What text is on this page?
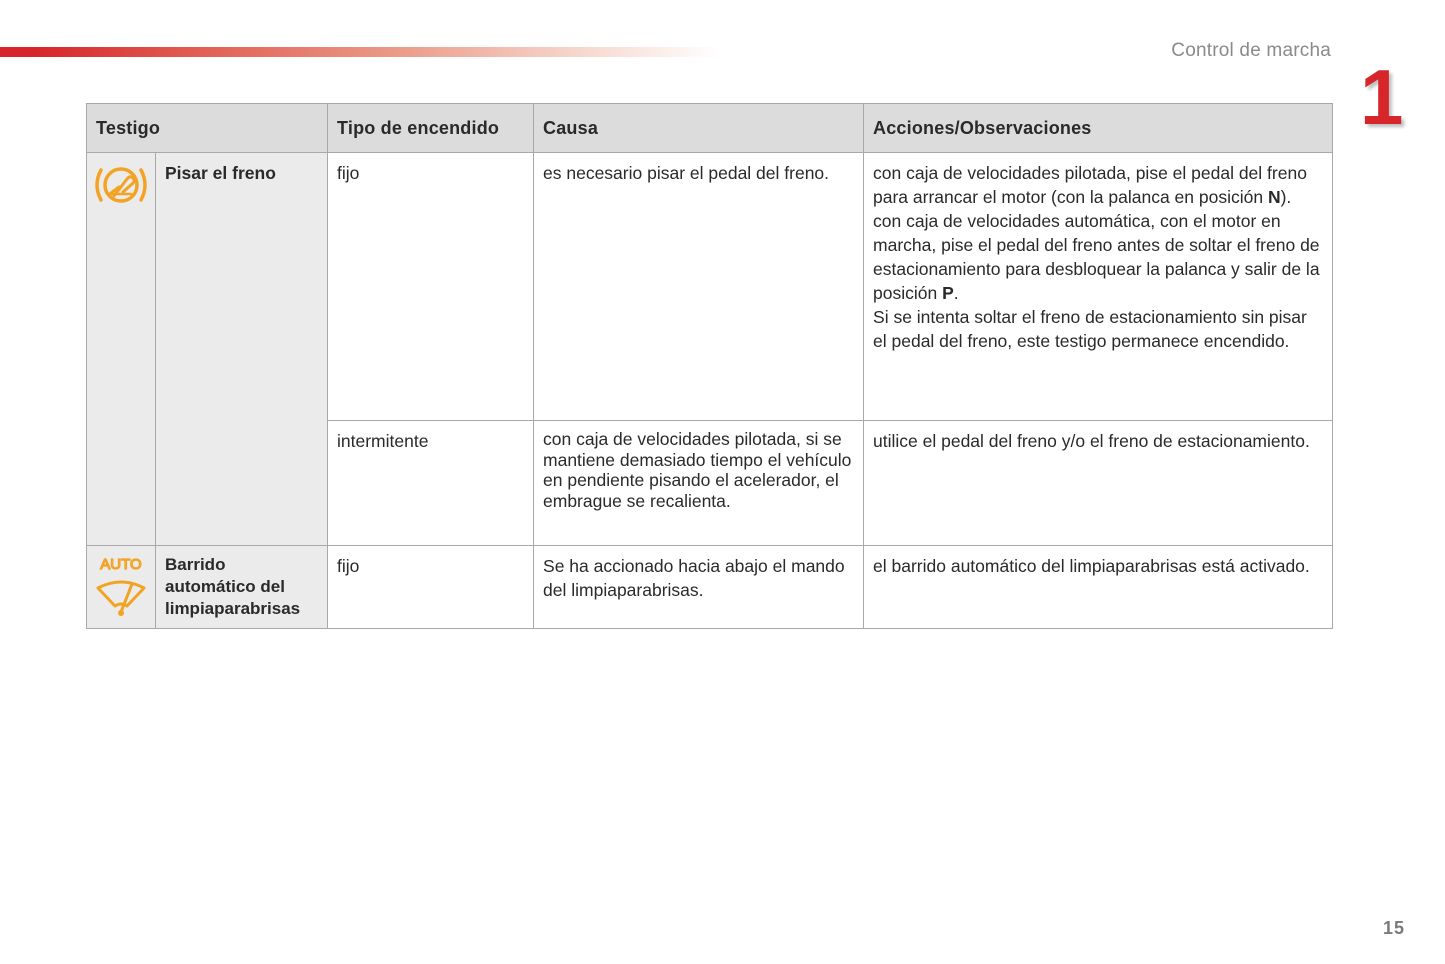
Control de marcha
1
Testigo		Tipo de encendido	Causa	Acciones/Observaciones

	Pisar el freno	fijo	es necesario pisar el pedal del freno.	con caja de velocidades pilotada, pise el pedal del freno para arrancar el motor (con la palanca en posición N).
con caja de velocidades automática, con el motor en marcha, pise el pedal del freno antes de soltar el freno de estacionamiento para desbloquear la palanca y salir de la posición P.
Si se intenta soltar el freno de estacionamiento sin pisar el pedal del freno, este testigo permanece encendido.

		intermitente	con caja de velocidades pilotada, si se mantiene demasiado tiempo el vehículo en pendiente pisando el acelerador, el embrague se recalienta.	utilice el pedal del freno y/o el freno de estacionamiento.

AUTO	Barrido automático del limpiaparabrisas	fijo	Se ha accionado hacia abajo el mando del limpiaparabrisas.	el barrido automático del limpiaparabrisas está activado.
15
